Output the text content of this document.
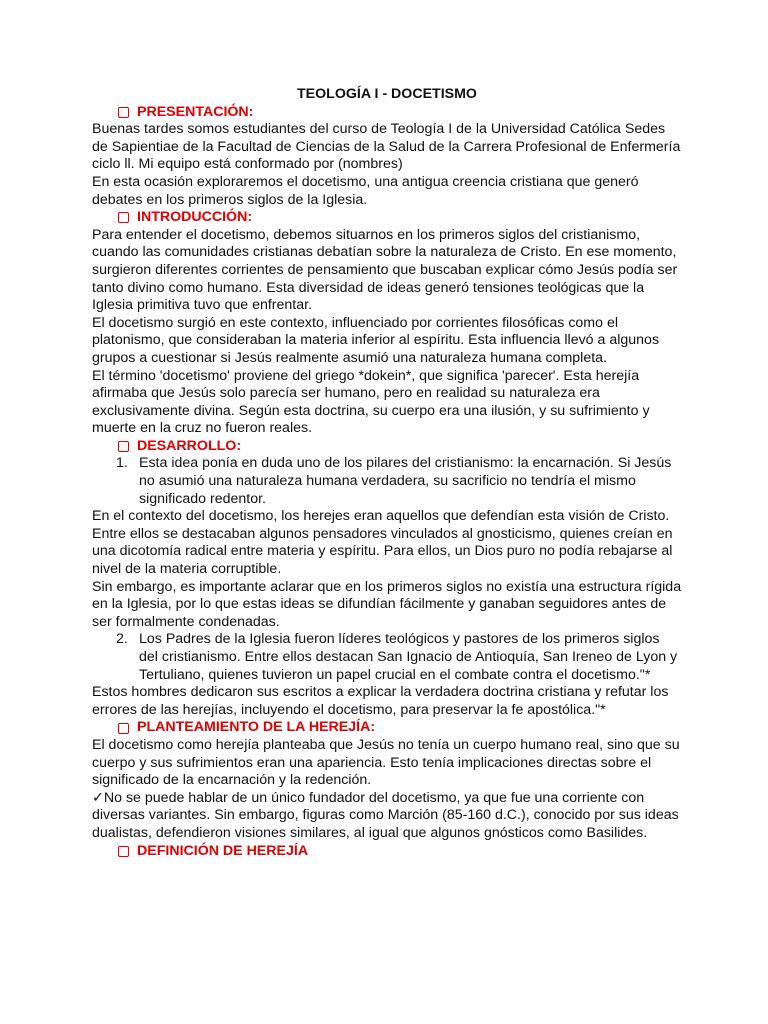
TEOLOGÍA I - DOCETISMO
PRESENTACIÓN:

Buenas tardes somos estudiantes del curso de Teología I de la Universidad Católica Sedes de Sapientiae de la Facultad de Ciencias de la Salud de la Carrera Profesional de Enfermería ciclo ll. Mi equipo está conformado por (nombres)

En esta ocasión exploraremos el docetismo, una antigua creencia cristiana que generó debates en los primeros siglos de la Iglesia.

INTRODUCCIÓN:

Para entender el docetismo, debemos situarnos en los primeros siglos del cristianismo, cuando las comunidades cristianas debatían sobre la naturaleza de Cristo. En ese momento, surgieron diferentes corrientes de pensamiento que buscaban explicar cómo Jesús podía ser tanto divino como humano. Esta diversidad de ideas generó tensiones teológicas que la Iglesia primitiva tuvo que enfrentar.

El docetismo surgió en este contexto, influenciado por corrientes filosóficas como el platonismo, que consideraban la materia inferior al espíritu. Esta influencia llevó a algunos grupos a cuestionar si Jesús realmente asumió una naturaleza humana completa.

El término 'docetismo' proviene del griego *dokein*, que significa 'parecer'. Esta herejía afirmaba que Jesús solo parecía ser humano, pero en realidad su naturaleza era exclusivamente divina. Según esta doctrina, su cuerpo era una ilusión, y su sufrimiento y muerte en la cruz no fueron reales.

DESARROLLO:
1. Esta idea ponía en duda uno de los pilares del cristianismo: la encarnación. Si Jesús no asumió una naturaleza humana verdadera, su sacrificio no tendría el mismo significado redentor.

En el contexto del docetismo, los herejes eran aquellos que defendían esta visión de Cristo. Entre ellos se destacaban algunos pensadores vinculados al gnosticismo, quienes creían en una dicotomía radical entre materia y espíritu. Para ellos, un Dios puro no podía rebajarse al nivel de la materia corruptible.

Sin embargo, es importante aclarar que en los primeros siglos no existía una estructura rígida en la Iglesia, por lo que estas ideas se difundían fácilmente y ganaban seguidores antes de ser formalmente condenadas.

2. Los Padres de la Iglesia fueron líderes teológicos y pastores de los primeros siglos del cristianismo. Entre ellos destacan San Ignacio de Antioquía, San Ireneo de Lyon y Tertuliano, quienes tuvieron un papel crucial en el combate contra el docetismo."*

Estos hombres dedicaron sus escritos a explicar la verdadera doctrina cristiana y refutar los errores de las herejías, incluyendo el docetismo, para preservar la fe apostólica."*

PLANTEAMIENTO DE LA HEREJÍA:

El docetismo como herejía planteaba que Jesús no tenía un cuerpo humano real, sino que su cuerpo y sus sufrimientos eran una apariencia. Esto tenía implicaciones directas sobre el significado de la encarnación y la redención.

✓No se puede hablar de un único fundador del docetismo, ya que fue una corriente con diversas variantes. Sin embargo, figuras como Marción (85-160 d.C.), conocido por sus ideas dualistas, defendieron visiones similares, al igual que algunos gnósticos como Basilides.

DEFINICIÓN DE HEREJÍA
